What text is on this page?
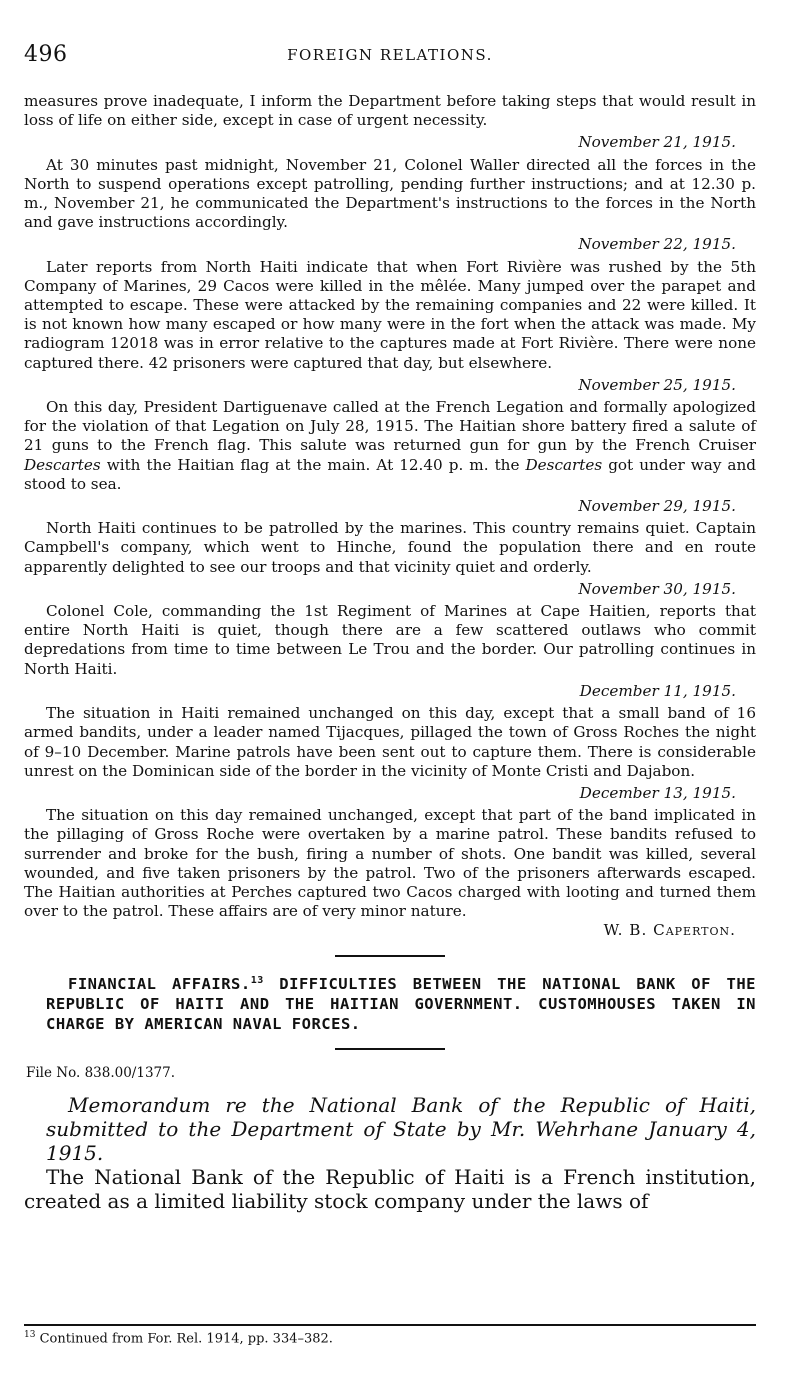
496	FOREIGN RELATIONS.

measures prove inadequate, I inform the Department before taking steps that would result in loss of life on either side, except in case of urgent necessity.

November 21, 1915.

At 30 minutes past midnight, November 21, Colonel Waller directed all the forces in the North to suspend operations except patrolling, pending further instructions; and at 12.30 p. m., November 21, he communicated the Department's instructions to the forces in the North and gave instructions accordingly.

November 22, 1915.

Later reports from North Haiti indicate that when Fort Rivière was rushed by the 5th Company of Marines, 29 Cacos were killed in the mêlée. Many jumped over the parapet and attempted to escape. These were attacked by the remaining companies and 22 were killed. It is not known how many escaped or how many were in the fort when the attack was made. My radiogram 12018 was in error relative to the captures made at Fort Rivière. There were none captured there. 42 prisoners were captured that day, but elsewhere.

November 25, 1915.

On this day, President Dartiguenave called at the French Legation and formally apologized for the violation of that Legation on July 28, 1915. The Haitian shore battery fired a salute of 21 guns to the French flag. This salute was returned gun for gun by the French Cruiser Descartes with the Haitian flag at the main. At 12.40 p. m. the Descartes got under way and stood to sea.

November 29, 1915.

North Haiti continues to be patrolled by the marines. This country remains quiet. Captain Campbell's company, which went to Hinche, found the population there and en route apparently delighted to see our troops and that vicinity quiet and orderly.

November 30, 1915.

Colonel Cole, commanding the 1st Regiment of Marines at Cape Haitien, reports that entire North Haiti is quiet, though there are a few scattered outlaws who commit depredations from time to time between Le Trou and the border. Our patrolling continues in North Haiti.

December 11, 1915.

The situation in Haiti remained unchanged on this day, except that a small band of 16 armed bandits, under a leader named Tijacques, pillaged the town of Gross Roches the night of 9–10 December. Marine patrols have been sent out to capture them. There is considerable unrest on the Dominican side of the border in the vicinity of Monte Cristi and Dajabon.

December 13, 1915.

The situation on this day remained unchanged, except that part of the band implicated in the pillaging of Gross Roche were overtaken by a marine patrol. These bandits refused to surrender and broke for the bush, firing a number of shots. One bandit was killed, several wounded, and five taken prisoners by the patrol. Two of the prisoners afterwards escaped. The Haitian authorities at Perches captured two Cacos charged with looting and turned them over to the patrol. These affairs are of very minor nature.

W. B. Caperton.

FINANCIAL AFFAIRS.$^{13}$ DIFFICULTIES BETWEEN THE NATIONAL BANK OF THE REPUBLIC OF HAITI AND THE HAITIAN GOVERNMENT. CUSTOMHOUSES TAKEN IN CHARGE BY AMERICAN NAVAL FORCES.

File No. 838.00/1377.

Memorandum re the National Bank of the Republic of Haiti, submitted to the Department of State by Mr. Wehrhane January 4, 1915.

The National Bank of the Republic of Haiti is a French institution, created as a limited liability stock company under the laws of

$^{13}$ Continued from For. Rel. 1914, pp. 334–382.
